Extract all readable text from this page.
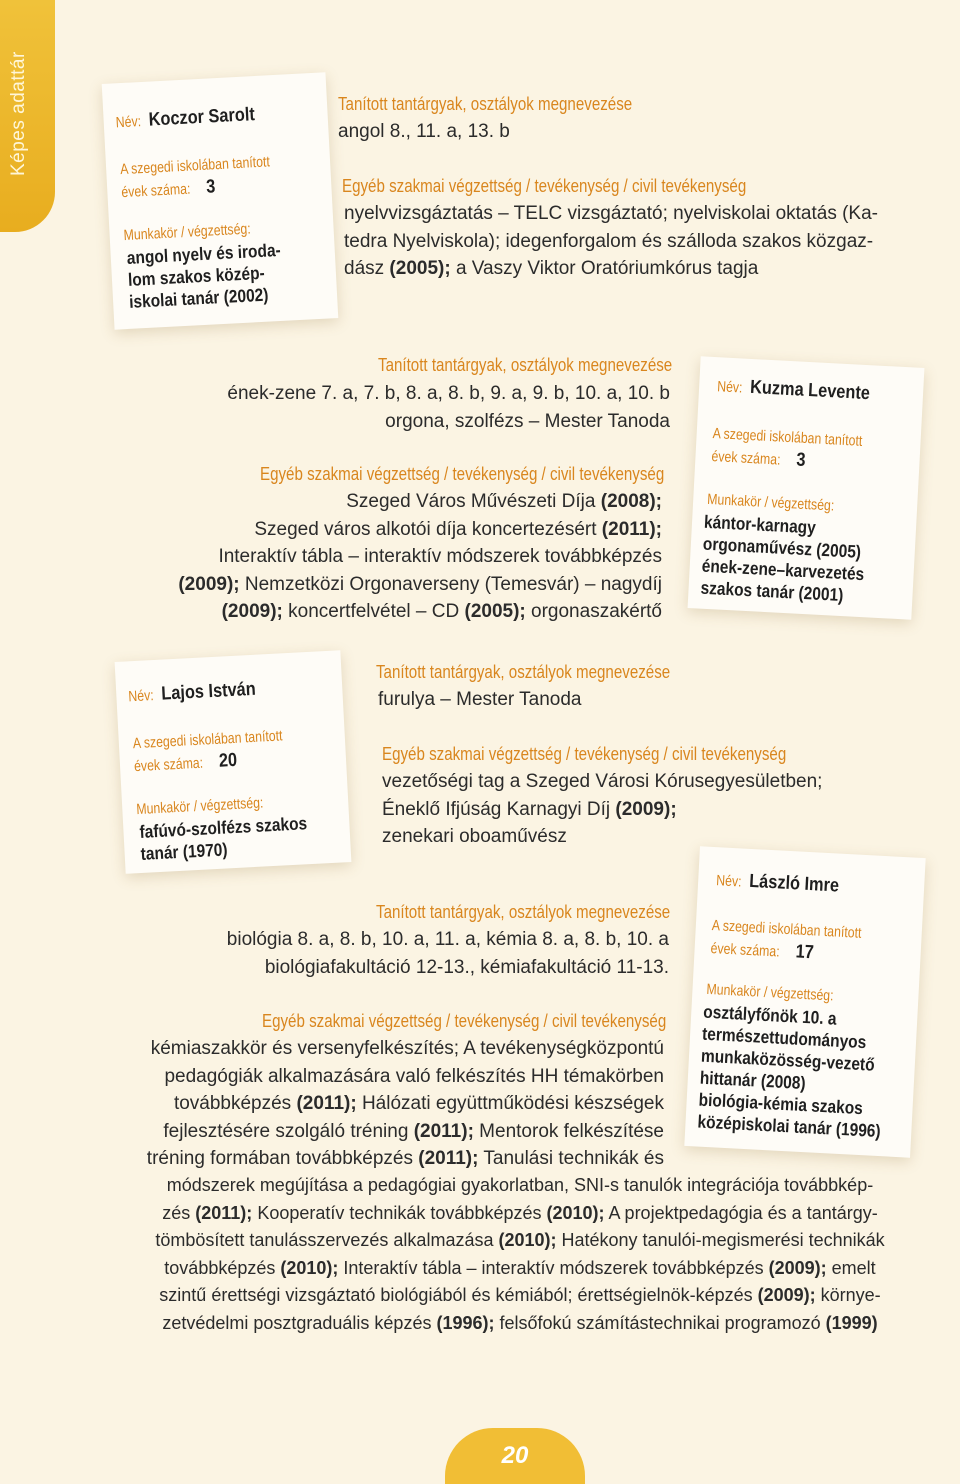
Képes adattár	Név: Koczor Sarolt
A szegedi iskolában tanított
évek száma: 3
Munkakör / végzettség:
angol nyelv és iroda-
lom szakos közép-
iskolai tanár (2002)
Tanított tantárgyak, osztályok megnevezése
angol 8., 11. a, 13. b
Egyéb szakmai végzettség / tevékenység / civil tevékenység
nyelvvizsgáztatás – TELC vizsgáztató; nyelviskolai oktatás (Ka-
tedra Nyelviskola); idegenforgalom és szálloda szakos közgaz-
dász (2005); a Vaszy Viktor Oratóriumkórus tagja
Név: Kuzma Levente
A szegedi iskolában tanított
évek száma: 3
Munkakör / végzettség:
kántor-karnagy
orgonaművész (2005)
ének-zene–karvezetés
szakos tanár (2001)
Tanított tantárgyak, osztályok megnevezése
ének-zene 7. a, 7. b, 8. a, 8. b, 9. a, 9. b, 10. a, 10. b
orgona, szolfézs – Mester Tanoda
Egyéb szakmai végzettség / tevékenység / civil tevékenység
Szeged Város Művészeti Díja (2008);
Szeged város alkotói díja koncertezésért (2011);
Interaktív tábla – interaktív módszerek továbbképzés
(2009); Nemzetközi Orgonaverseny (Temesvár) – nagydíj
(2009); koncertfelvétel – CD (2005); orgonaszakértő
Név: Lajos István
A szegedi iskolában tanított
évek száma: 20
Munkakör / végzettség:
fafúvó-szolfézs szakos
tanár (1970)
Tanított tantárgyak, osztályok megnevezése
furulya – Mester Tanoda
Egyéb szakmai végzettség / tevékenység / civil tevékenység
vezetőségi tag a Szeged Városi Kórusegyesületben;
Éneklő Ifjúság Karnagyi Díj (2009);
zenekari oboaművész
Név: László Imre
A szegedi iskolában tanított
évek száma: 17
Munkakör / végzettség:
osztályfőnök 10. a
természettudományos
munkaközösség-vezető
hittanár (2008)
biológia-kémia szakos
középiskolai tanár (1996)
Tanított tantárgyak, osztályok megnevezése
biológia 8. a, 8. b, 10. a, 11. a, kémia 8. a, 8. b, 10. a
biológiafakultáció 12-13., kémiafakultáció 11-13.
Egyéb szakmai végzettség / tevékenység / civil tevékenység
kémiaszakkör és versenyfelkészítés; A tevékenységközpontú
pedagógiák alkalmazására való felkészítés HH témakörben
továbbképzés (2011); Hálózati együttműködési készségek
fejlesztésére szolgáló tréning (2011); Mentorok felkészítése
tréning formában továbbképzés (2011); Tanulási technikák és
módszerek megújítása a pedagógiai gyakorlatban, SNI-s tanulók integrációja továbbkép-
zés (2011); Kooperatív technikák továbbképzés (2010); A projektpedagógia és a tantárgy-
tömbösített tanulásszervezés alkalmazása (2010); Hatékony tanulói-megismerési technikák
továbbképzés (2010); Interaktív tábla – interaktív módszerek továbbképzés (2009); emelt
szintű érettségi vizsgáztató biológiából és kémiából; érettségielnök-képzés (2009); környe-
zetvédelmi posztgraduális képzés (1996); felsőfokú számítástechnikai programozó (1999)
20
